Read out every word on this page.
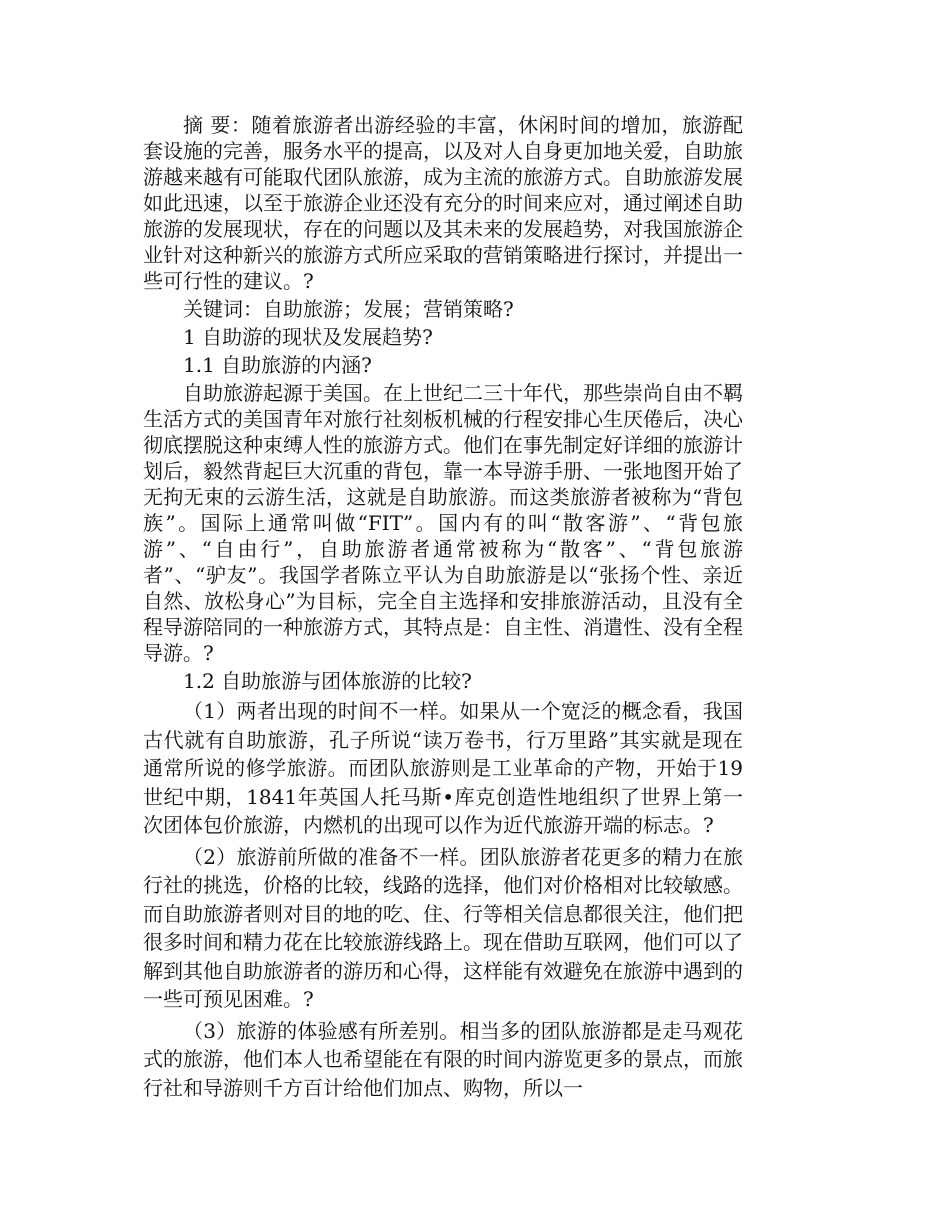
摘 要：随着旅游者出游经验的丰富，休闲时间的增加，旅游配套设施的完善，服务水平的提高，以及对人自身更加地关爱，自助旅游越来越有可能取代团队旅游，成为主流的旅游方式。自助旅游发展如此迅速，以至于旅游企业还没有充分的时间来应对，通过阐述自助旅游的发展现状，存在的问题以及其未来的发展趋势，对我国旅游企业针对这种新兴的旅游方式所应采取的营销策略进行探讨，并提出一些可行性的建议。?

关键词：自助旅游；发展；营销策略?

1 自助游的现状及发展趋势?

1.1 自助旅游的内涵?

自助旅游起源于美国。在上世纪二三十年代，那些崇尚自由不羁生活方式的美国青年对旅行社刻板机械的行程安排心生厌倦后，决心彻底摆脱这种束缚人性的旅游方式。他们在事先制定好详细的旅游计划后，毅然背起巨大沉重的背包，靠一本导游手册、一张地图开始了无拘无束的云游生活，这就是自助旅游。而这类旅游者被称为“背包族”。国际上通常叫做“FIT”。国内有的叫“散客游”、“背包旅游”、“自由行”，自助旅游者通常被称为“散客”、“背包旅游者”、“驴友”。我国学者陈立平认为自助旅游是以“张扬个性、亲近自然、放松身心”为目标，完全自主选择和安排旅游活动，且没有全程导游陪同的一种旅游方式，其特点是：自主性、消遣性、没有全程导游。?

1.2 自助旅游与团体旅游的比较?

（1）两者出现的时间不一样。如果从一个宽泛的概念看，我国古代就有自助旅游，孔子所说“读万卷书，行万里路”其实就是现在通常所说的修学旅游。而团队旅游则是工业革命的产物，开始于19世纪中期，1841年英国人托马斯•库克创造性地组织了世界上第一次团体包价旅游，内燃机的出现可以作为近代旅游开端的标志。?

（2）旅游前所做的准备不一样。团队旅游者花更多的精力在旅行社的挑选，价格的比较，线路的选择，他们对价格相对比较敏感。而自助旅游者则对目的地的吃、住、行等相关信息都很关注，他们把很多时间和精力花在比较旅游线路上。现在借助互联网，他们可以了解到其他自助旅游者的游历和心得，这样能有效避免在旅游中遇到的一些可预见困难。?

（3）旅游的体验感有所差别。相当多的团队旅游都是走马观花式的旅游，他们本人也希望能在有限的时间内游览更多的景点，而旅行社和导游则千方百计给他们加点、购物，所以一
